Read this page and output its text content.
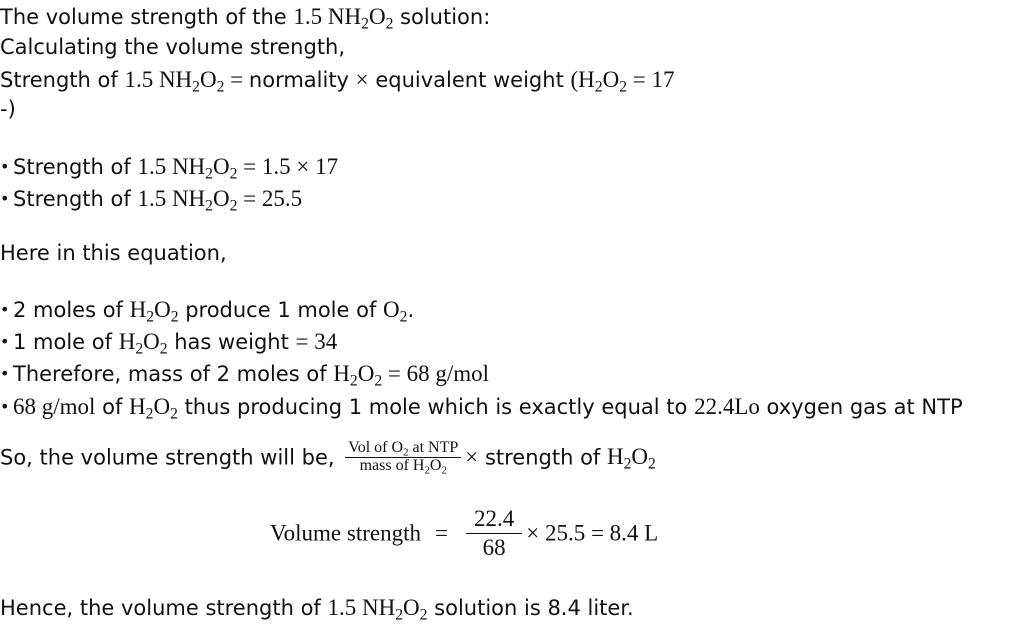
The volume strength of the 1.5 $NH_2O_2$ solution:
Calculating the volume strength,
Strength of 1.5 $NH_2O_2$ = normality × equivalent weight ($H_2O_2 = 17$
-)
• Strength of 1.5 $NH_2O_2 = 1.5 \times 17$
• Strength of 1.5 $NH_2O_2 = 25.5$
Here in this equation,
• 2 moles of $H_2O_2$ produce 1 mole of $O_2$.
• 1 mole of $H_2O_2$ has weight = 34
• Therefore, mass of 2 moles of $H_2O_2 = 68$ g/mol
• 68 g/mol of $H_2O_2$ thus producing 1 mole which is exactly equal to 22.4Lo oxygen gas at NTP
So, the volume strength will be, $\frac{Vol of O_2 at NTP}{mass of H_2O_2}$ × strength of $H_2O_2$
Volume strength = $\frac{22.4}{68} \times 25.5 = 8.4$ L
Hence, the volume strength of 1.5 $NH_2O_2$ solution is 8.4 liter.
